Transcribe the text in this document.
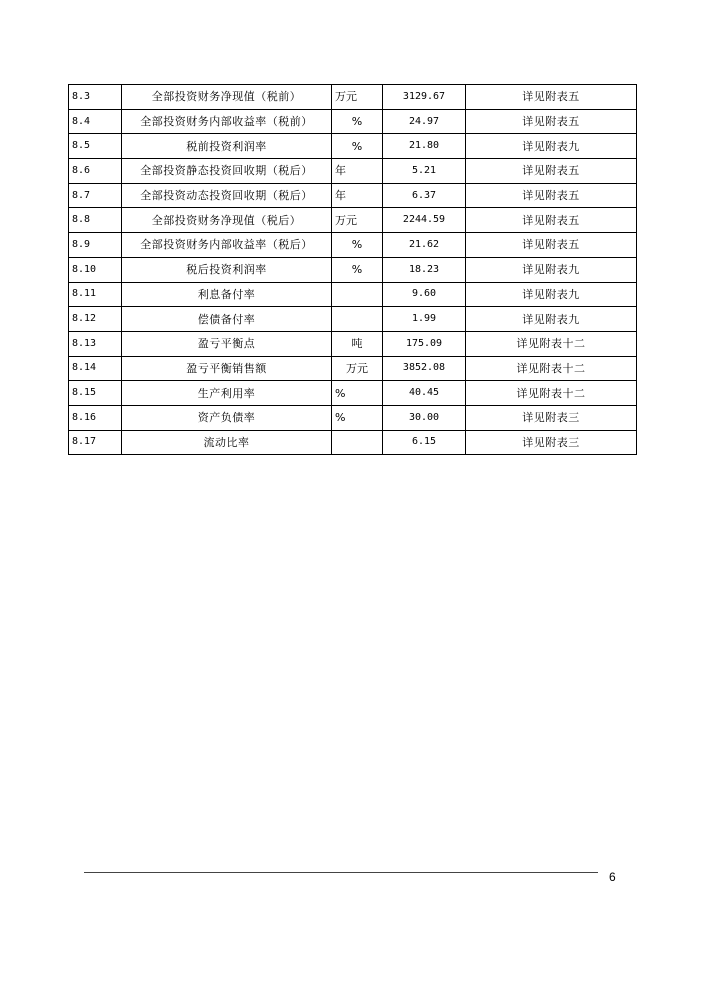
8.3	全部投资财务净现值（税前）	万元	3129.67	详见附表五
8.4	全部投资财务内部收益率（税前）	%	24.97	详见附表五
8.5	税前投资利润率	%	21.80	详见附表九
8.6	全部投资静态投资回收期（税后）	年	5.21	详见附表五
8.7	全部投资动态投资回收期（税后）	年	6.37	详见附表五
8.8	全部投资财务净现值（税后）	万元	2244.59	详见附表五
8.9	全部投资财务内部收益率（税后）	%	21.62	详见附表五
8.10	税后投资利润率	%	18.23	详见附表九
8.11	利息备付率		9.60	详见附表九
8.12	偿债备付率		1.99	详见附表九
8.13	盈亏平衡点	吨	175.09	详见附表十二
8.14	盈亏平衡销售额	万元	3852.08	详见附表十二
8.15	生产利用率	%	40.45	详见附表十二
8.16	资产负债率	%	30.00	详见附表三
8.17	流动比率		6.15	详见附表三
6
